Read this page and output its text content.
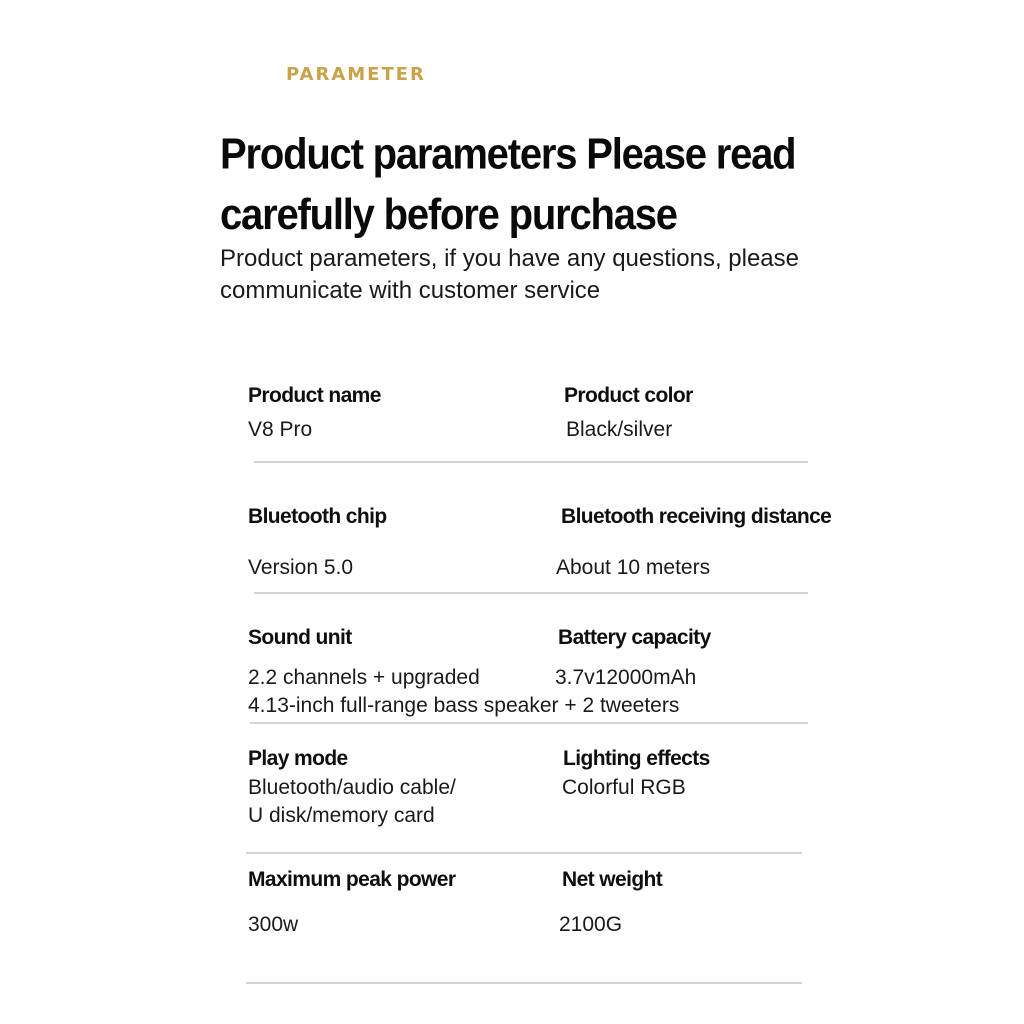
PARAMETER
Product parameters Please read
carefully before purchase

Product parameters, if you have any questions, please
communicate with customer service

Product name
V8 Pro
Product color
Black/silver
Bluetooth chip
Version 5.0
Bluetooth receiving distance
About 10 meters
Sound unit
2.2 channels + upgraded
4.13-inch full-range bass speaker + 2 tweeters
Battery capacity
3.7v12000mAh
Play mode
Bluetooth/audio cable/
U disk/memory card
Lighting effects
Colorful RGB
Maximum peak power
300w
Net weight
2100G
